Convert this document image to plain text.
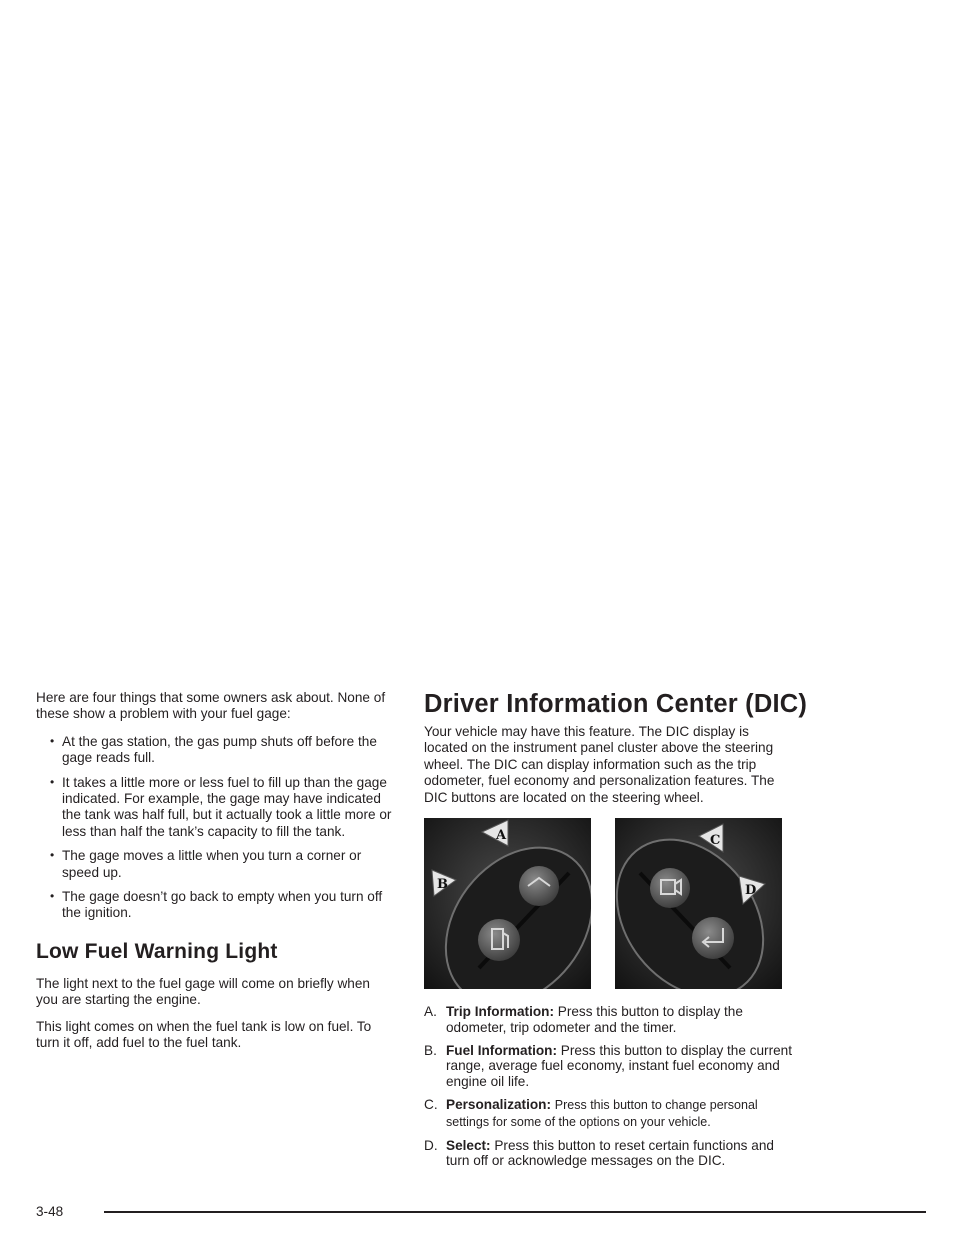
Here are four things that some owners ask about. None of these show a problem with your fuel gage:

• At the gas station, the gas pump shuts off before the gage reads full.
• It takes a little more or less fuel to fill up than the gage indicated. For example, the gage may have indicated the tank was half full, but it actually took a little more or less than half the tank’s capacity to fill the tank.
• The gage moves a little when you turn a corner or speed up.
• The gage doesn’t go back to empty when you turn off the ignition.
Low Fuel Warning Light

The light next to the fuel gage will come on briefly when you are starting the engine.

This light comes on when the fuel tank is low on fuel. To turn it off, add fuel to the fuel tank.

Driver Information Center (DIC)

Your vehicle may have this feature. The DIC display is located on the instrument panel cluster above the steering wheel. The DIC can display information such as the trip odometer, fuel economy and personalization features. The DIC buttons are located on the steering wheel.

A
B
C
D
A. Trip Information: Press this button to display the odometer, trip odometer and the timer.
B. Fuel Information: Press this button to display the current range, average fuel economy, instant fuel economy and engine oil life.
C. Personalization: Press this button to change personal settings for some of the options on your vehicle.
D. Select: Press this button to reset certain functions and turn off or acknowledge messages on the DIC.
3-48
